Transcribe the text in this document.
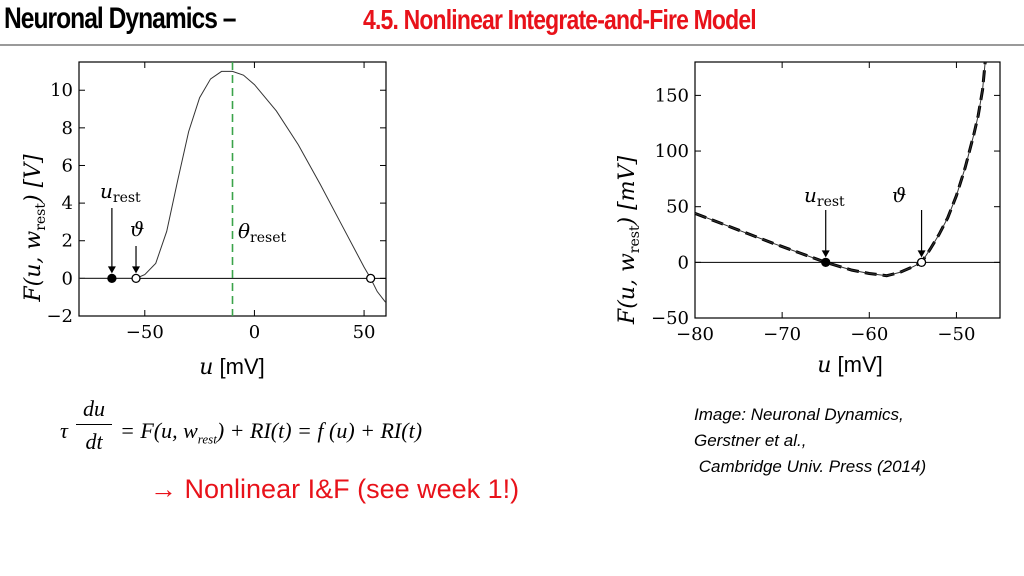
Neuronal Dynamics –	4.5. Nonlinear Integrate-and-Fire Model
−50	0	50
−2
0
2
4
6
8
10
F(u, $w_{rest}$) [V]
u [mV]
$u_{rest}$
ϑ	$\theta_{reset}$
−80	−70	−60	−50
−50
0
50
100
150
F(u, $w_{rest}$) [mV]
u [mV]
$u_{rest}$ ϑ
τ $\frac{du}{dt} = F(u$, $w_{rest}) + RI(t) = f$ (u) + RI(t)
→ Nonlinear I&F (see week 1!)
Image: Neuronal Dynamics,
Gerstner et al.,
Cambridge Univ. Press (2014)
